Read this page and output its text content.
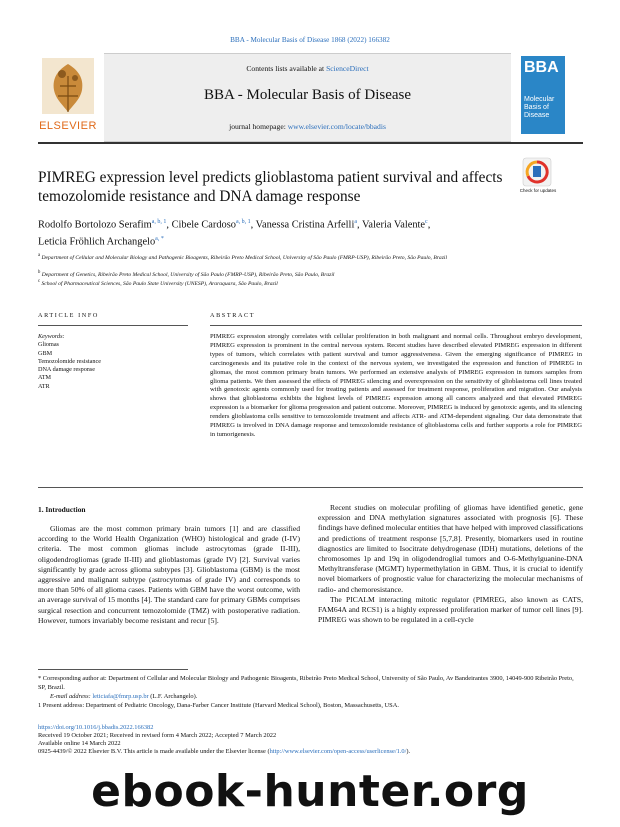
BBA - Molecular Basis of Disease 1868 (2022) 166382
Contents lists available at ScienceDirect
BBA - Molecular Basis of Disease
journal homepage: www.elsevier.com/locate/bbadis
ELSEVIER
BBA
Molecular Basis of Disease
PIMREG expression level predicts glioblastoma patient survival and affects
temozolomide resistance and DNA damage response	Check for updates
Rodolfo Bortolozo Serafim$^{a, b, 1}$, Cibele Cardoso$^{a, b, 1}$, Vanessa Cristina Arfelli$^a$, Valeria Valente$^c$,
Leticia Fröhlich Archangelo$^{a, *}$
$^a$ Department of Cellular and Molecular Biology and Pathogenic Bioagents, Ribeirão Preto Medical School, University of São Paulo (FMRP-USP), Ribeirão Preto, São Paulo, Brazil
$^b$ Department of Genetics, Ribeirão Preto Medical School, University of São Paulo (FMRP-USP), Ribeirão Preto, São Paulo, Brazil
$^c$ School of Pharmaceutical Sciences, São Paulo State University (UNESP), Araraquara, São Paulo, Brazil
ARTICLE INFO	ABSTRACT
Keywords:
Gliomas
GBM
Temozolomide resistance
DNA damage response
ATM
ATR
PIMREG expression strongly correlates with cellular proliferation in both malignant and normal cells. Throughout embryo development, PIMREG expression is prominent in the central nervous system. Recent studies have described elevated PIMREG expression in different types of tumors, which correlates with patient survival and tumor aggressiveness. Given the emerging significance of PIMREG in carcinogenesis and its putative role in the context of the nervous system, we investigated the expression and function of PIMREG in gliomas, the most common primary brain tumors. We performed an extensive analysis of PIMREG expression in tumors samples from glioma patients. We then assessed the effects of PIMREG silencing and overexpression on the sensitivity of glioblastoma cell lines treated with genotoxic agents commonly used for treating patients and assessed for treatment response, proliferation and migration. Our analysis shows that glioblastoma exhibits the highest levels of PIMREG expression among all cancers analyzed and that elevated PIMREG expression is a biomarker for glioma progression and patient outcome. Moreover, PIMREG is induced by genotoxic agents, and its silencing renders glioblastoma cells sensitive to temozolomide treatment and affects ATR- and ATM-dependent signaling. Our data demonstrate that PIMREG is involved in DNA damage response and temozolomide resistance of glioblastoma cells and further supports a role for PIMREG in tumorigenesis.
1. Introduction

Gliomas are the most common primary brain tumors [1] and are classified according to the World Health Organization (WHO) histological and grade (I-IV) criteria. The most common gliomas include astrocytomas (grade II-III), oligodendrogliomas (grade II-III) and glioblastomas (grade IV) [2]. Survival varies significantly by grade across glioma subtypes [3]. Glioblastoma (GBM) is the most aggressive and malignant subtype (astrocytomas of grade IV) and corresponds to more than 50% of all glioma cases. Patients with GBM have the worst outcome, with an average survival of 15 months [4]. The standard care for primary GBMs comprises surgical resection and concurrent temozolomide (TMZ) with postoperative radiation. However, tumors invariably become resistant and recur [5].

Recent studies on molecular profiling of gliomas have identified genetic, gene expression and DNA methylation signatures associated with prognosis [6]. These findings have defined molecular entities that have helped with improved classifications and predictions of treatment response [5,7,8]. Presently, biomarkers used in routine diagnostics are limited to Isocitrate dehydrogenase (IDH) mutations, deletions of the chromosomes 1p and 19q in oligodendroglial tumors and O-6-Methylguanine-DNA Methyltransferase (MGMT) hypermethylation in GBM. Thus, it is crucial to identify novel biomarkers of prognostic value for characterizing the molecular mechanisms of radio- and chemoresistance.

The PICALM interacting mitotic regulator (PIMREG, also known as CATS, FAM64A and RCS1) is a highly expressed proliferation marker of tumor cell lines [9]. PIMREG was shown to be regulated in a cell-cycle

* Corresponding author at: Department of Cellular and Molecular Biology and Pathogenic Bioagents, Ribeirão Preto Medical School, University of São Paulo, Av Bandeirantes 3900, 14049-900 Ribeirão Preto, SP, Brazil.
E-mail address: leticiafa@fmrp.usp.br (L.F. Archangelo).
1 Present address: Department of Pediatric Oncology, Dana-Farber Cancer Institute (Harvard Medical School), Boston, Massachusetts, USA.
https://doi.org/10.1016/j.bbadis.2022.166382
Received 19 October 2021; Received in revised form 4 March 2022; Accepted 7 March 2022
Available online 14 March 2022
0925-4439/© 2022 Elsevier B.V. This article is made available under the Elsevier license (http://www.elsevier.com/open-access/userlicense/1.0/).
ebook-hunter.org
